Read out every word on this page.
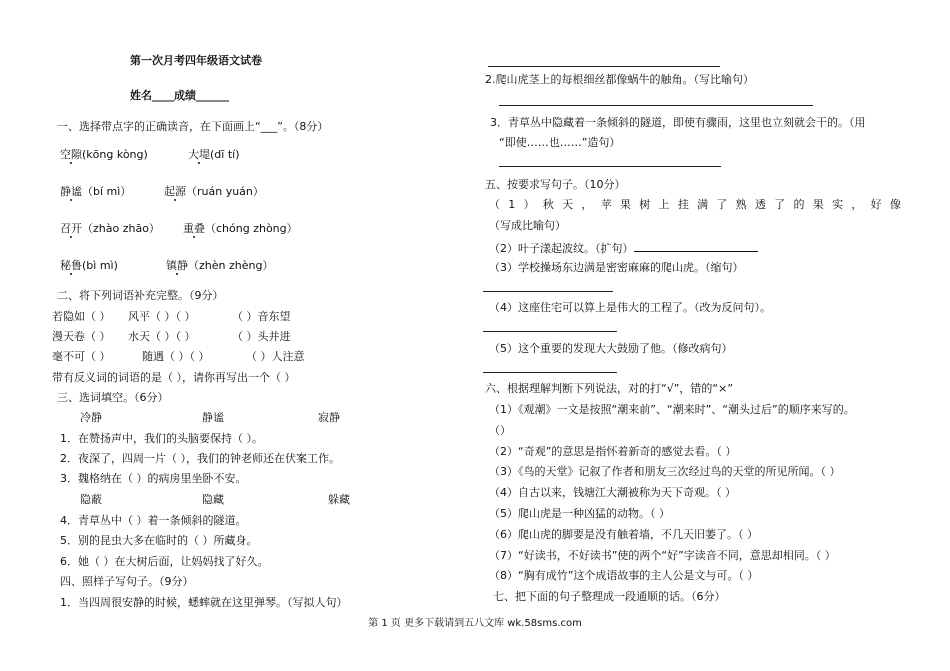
第一次月考四年级语文试卷
姓名____成绩______
一、选择带点字的正确读音，在下面画上“___”。（8分）
空隙(kōng kòng)	大堤(dī tí)
静谧（bí mì）	起源（ruán yuán）
召开（zhào zhāo） 重叠（chóng zhòng）
秘鲁(bì mì)	镇静（zhèn zhèng）
二、将下列词语补充完整。（9分）
若隐如（ ） 风平（ ）（ ）	（ ）音东望
漫天卷（ ） 水天（ ）（ ）	（ ）头并进
毫不可（ ）	随遇（ ）（ ）	（ ）人注意
带有反义词的词语的是（ ），请你再写出一个（ ）
三、选词填空。（6分）
冷静	静谧	寂静
1．在赞扬声中，我们的头脑要保持（ ）。
2．夜深了，四周一片（ ），我们的钟老师还在伏案工作。
3．魏格纳在（ ）的病房里坐卧不安。
隐蔽	隐藏	躲藏
4．青草丛中（ ）着一条倾斜的隧道。
5．别的昆虫大多在临时的（ ）所藏身。
6．她（ ）在大树后面，让妈妈找了好久。
四、照样子写句子。（9分）
1．当四周很安静的时候，蟋蟀就在这里弹琴。（写拟人句）
2.爬山虎茎上的每根细丝都像蜗牛的触角。（写比喻句）
3．青草丛中隐藏着一条倾斜的隧道，即使有骤雨，这里也立刻就会干的。（用
“即使……也……”造句）
五、按要求写句子。（10分）
（ 1 ） 秋 天 ， 苹 果 树 上 挂 满 了 熟 透 了 的 果 实 ， 好 像
（写成比喻句）
（2）叶子漾起波纹。（扩句）
（3）学校操场东边满是密密麻麻的爬山虎。（缩句）
（4）这座住宅可以算上是伟大的工程了。（改为反问句）。
（5）这个重要的发现大大鼓励了他。（修改病句）
六、根据理解判断下列说法，对的打“√”，错的“×”
（1）《观潮》一文是按照“潮来前”、“潮来时”、“潮头过后”的顺序来写的。
（）
（2）“奇观”的意思是指怀着新奇的感觉去看。（ ）
（3）《鸟的天堂》记叙了作者和朋友三次经过鸟的天堂的所见所闻。（ ）
（4）自古以来，钱塘江大潮被称为天下奇观。（ ）
（5）爬山虎是一种凶猛的动物。（ ）
（6）爬山虎的脚要是没有触着墙，不几天旧萎了。（ ）
（7）“好读书，不好读书”使的两个“好”字读音不同，意思却相同。（ ）
（8）“胸有成竹”这个成语故事的主人公是文与可。（ ）
七、把下面的句子整理成一段通顺的话。（6分）
第 1 页 更多下载请到五八文库 wk.58sms.com
